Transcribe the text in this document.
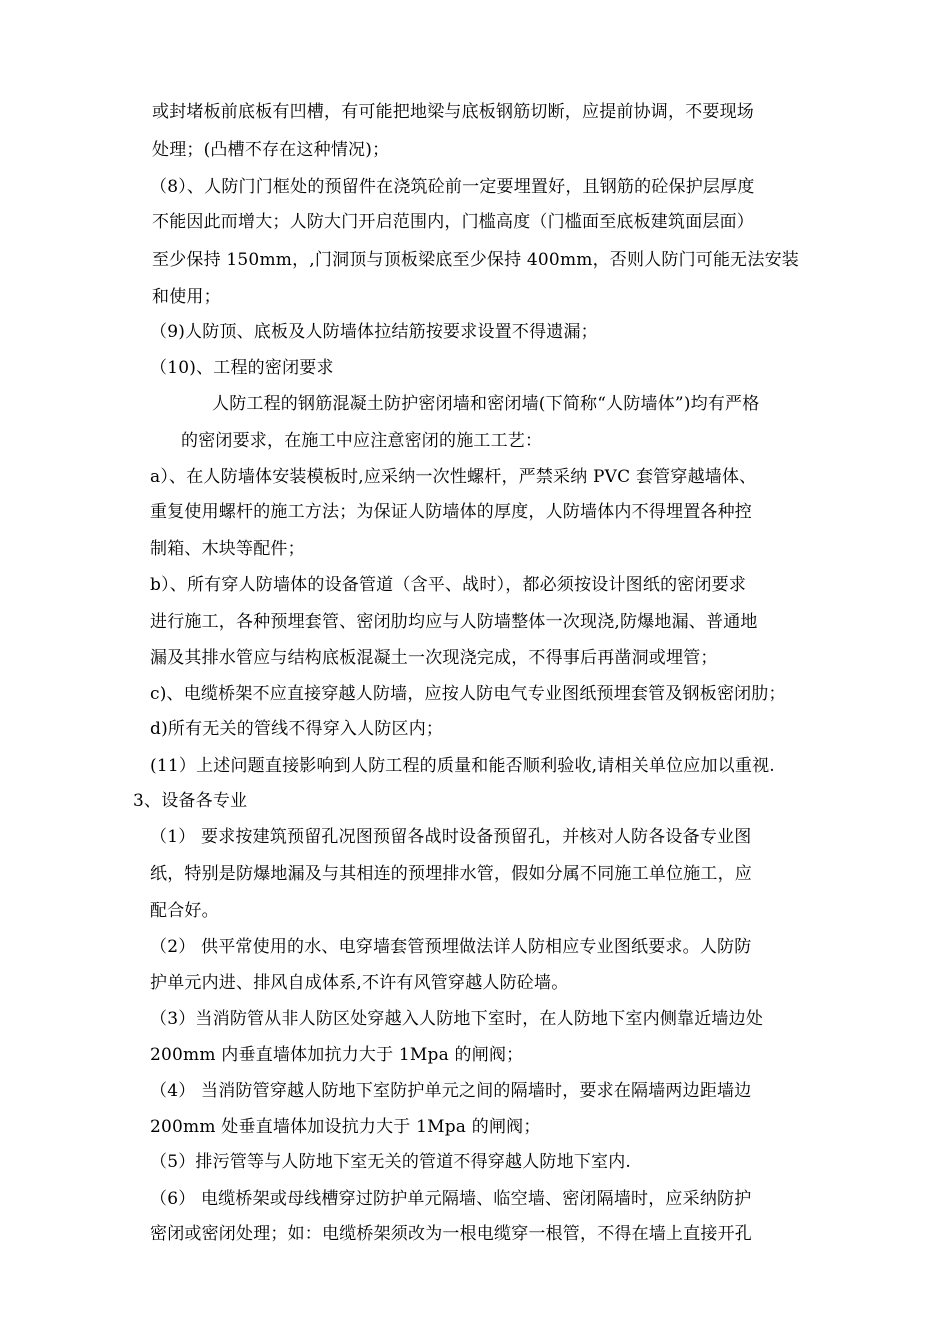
或封堵板前底板有凹槽，有可能把地梁与底板钢筋切断，应提前协调，不要现场
处理；(凸槽不存在这种情况)；
（8）、人防门门框处的预留件在浇筑砼前一定要埋置好，且钢筋的砼保护层厚度
不能因此而增大；人防大门开启范围内，门槛高度（门槛面至底板建筑面层面）
至少保持 150mm，,门洞顶与顶板梁底至少保持 400mm，否则人防门可能无法安装
和使用；
（9)人防顶、底板及人防墙体拉结筋按要求设置不得遗漏；
（10)、工程的密闭要求
人防工程的钢筋混凝土防护密闭墙和密闭墙(下简称“人防墙体”)均有严格
的密闭要求，在施工中应注意密闭的施工工艺：
a）、在人防墙体安装模板时,应采纳一次性螺杆，严禁采纳 PVC 套管穿越墙体、
重复使用螺杆的施工方法；为保证人防墙体的厚度，人防墙体内不得埋置各种控
制箱、木块等配件；
b）、所有穿人防墙体的设备管道（含平、战时），都必须按设计图纸的密闭要求
进行施工，各种预埋套管、密闭肋均应与人防墙整体一次现浇,防爆地漏、普通地
漏及其排水管应与结构底板混凝土一次现浇完成，不得事后再凿洞或埋管；
c)、电缆桥架不应直接穿越人防墙，应按人防电气专业图纸预埋套管及钢板密闭肋；
d)所有无关的管线不得穿入人防区内；
(11）上述问题直接影响到人防工程的质量和能否顺利验收,请相关单位应加以重视.
3、设备各专业
（1） 要求按建筑预留孔况图预留各战时设备预留孔，并核对人防各设备专业图
纸，特别是防爆地漏及与其相连的预埋排水管，假如分属不同施工单位施工，应
配合好。
（2） 供平常使用的水、电穿墙套管预埋做法详人防相应专业图纸要求。人防防
护单元内进、排风自成体系,不许有风管穿越人防砼墙。
（3）当消防管从非人防区处穿越入人防地下室时，在人防地下室内侧靠近墙边处
200mm 内垂直墙体加抗力大于 1Mpa 的闸阀；
（4） 当消防管穿越人防地下室防护单元之间的隔墙时，要求在隔墙两边距墙边
200mm 处垂直墙体加设抗力大于 1Mpa 的闸阀；
（5）排污管等与人防地下室无关的管道不得穿越人防地下室内.
（6） 电缆桥架或母线槽穿过防护单元隔墙、临空墙、密闭隔墙时，应采纳防护
密闭或密闭处理；如：电缆桥架须改为一根电缆穿一根管，不得在墙上直接开孔
